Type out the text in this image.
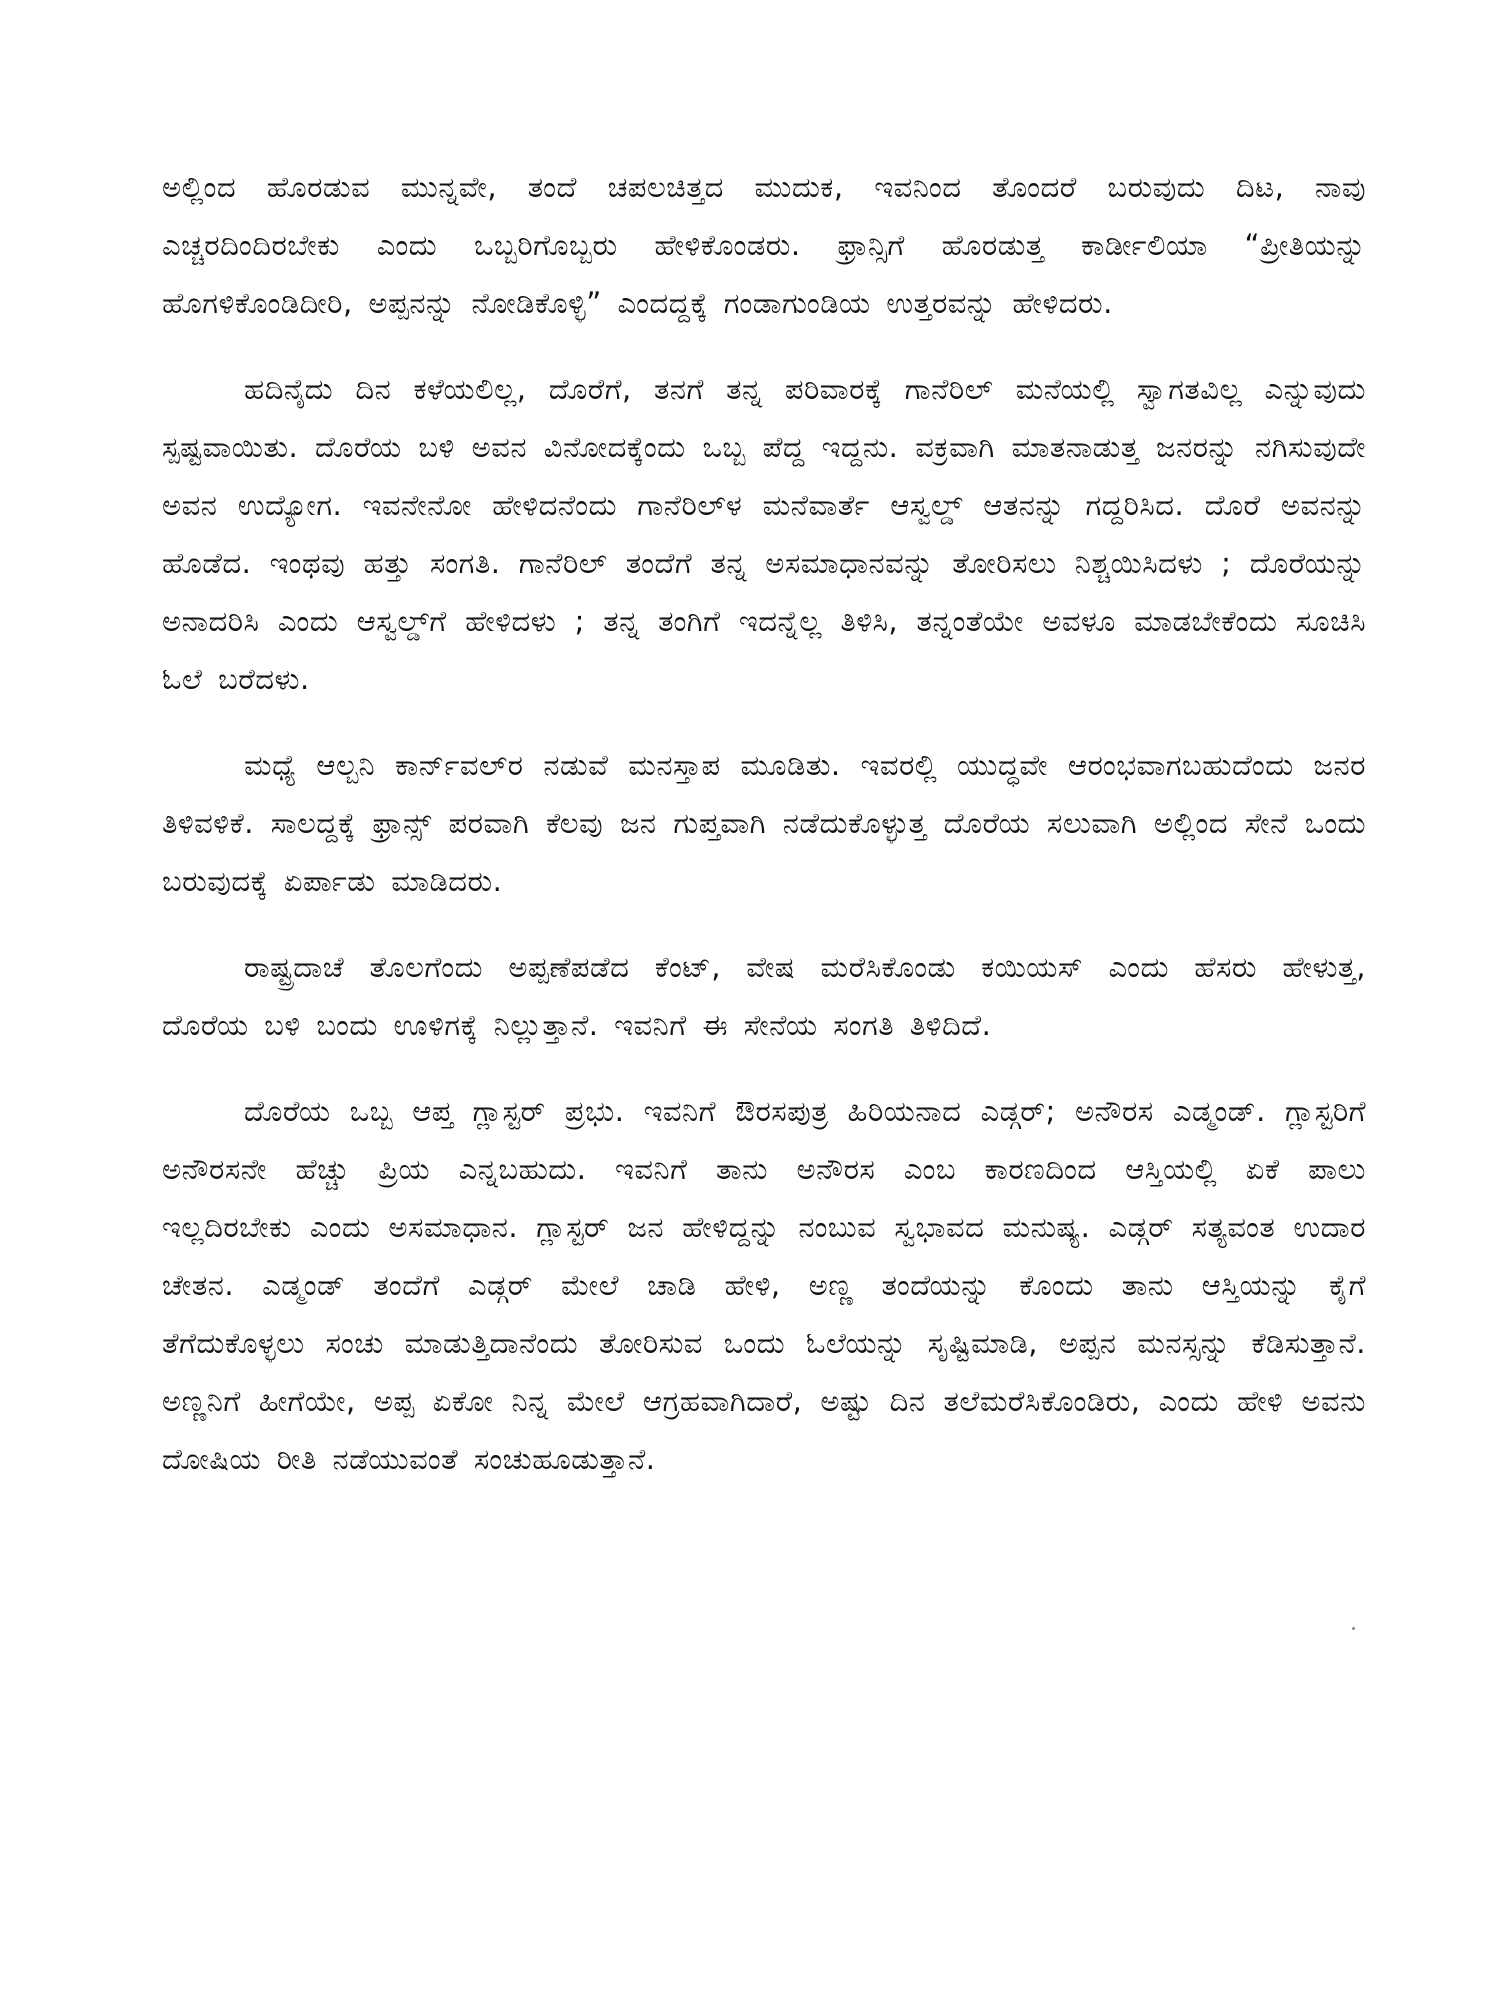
ಅಲ್ಲಿಂದ ಹೊರಡುವ ಮುನ್ನವೇ, ತಂದೆ ಚಪಲಚಿತ್ತದ ಮುದುಕ, ಇವನಿಂದ ತೊಂದರೆ ಬರುವುದು ದಿಟ, ನಾವು ಎಚ್ಚರದಿಂದಿರಬೇಕು ಎಂದು ಒಬ್ಬರಿಗೊಬ್ಬರು ಹೇಳಿಕೊಂಡರು. ಫ್ರಾನ್ಸಿಗೆ ಹೊರಡುತ್ತ ಕಾರ್ಡೀಲಿಯಾ “ಪ್ರೀತಿಯನ್ನು ಹೊಗಳಿಕೊಂಡಿದೀರಿ, ಅಪ್ಪನನ್ನು ನೋಡಿಕೊಳ್ಳಿ” ಎಂದದ್ದಕ್ಕೆ ಗಂಡಾಗುಂಡಿಯ ಉತ್ತರವನ್ನು ಹೇಳಿದರು.

ಹದಿನೈದು ದಿನ ಕಳೆಯಲಿಲ್ಲ, ದೊರೆಗೆ, ತನಗೆ ತನ್ನ ಪರಿವಾರಕ್ಕೆ ಗಾನೆರಿಲ್ ಮನೆಯಲ್ಲಿ ಸ್ವಾಗತವಿಲ್ಲ ಎನ್ನುವುದು ಸ್ಪಷ್ಟವಾಯಿತು. ದೊರೆಯ ಬಳಿ ಅವನ ವಿನೋದಕ್ಕೆಂದು ಒಬ್ಬ ಪೆದ್ದ ಇದ್ದನು. ವಕ್ರವಾಗಿ ಮಾತನಾಡುತ್ತ ಜನರನ್ನು ನಗಿಸುವುದೇ ಅವನ ಉದ್ಯೋಗ. ಇವನೇನೋ ಹೇಳಿದನೆಂದು ಗಾನೆರಿಲ್‌ಳ ಮನೆವಾರ್ತೆ ಆಸ್ವಲ್ಡ್ ಆತನನ್ನು ಗದ್ದರಿಸಿದ. ದೊರೆ ಅವನನ್ನು ಹೊಡೆದ. ಇಂಥವು ಹತ್ತು ಸಂಗತಿ. ಗಾನೆರಿಲ್ ತಂದೆಗೆ ತನ್ನ ಅಸಮಾಧಾನವನ್ನು ತೋರಿಸಲು ನಿಶ್ಚಯಿಸಿದಳು ; ದೊರೆಯನ್ನು ಅನಾದರಿಸಿ ಎಂದು ಆಸ್ವಲ್ಡ್‌ಗೆ ಹೇಳಿದಳು ; ತನ್ನ ತಂಗಿಗೆ ಇದನ್ನೆಲ್ಲ ತಿಳಿಸಿ, ತನ್ನಂತೆಯೇ ಅವಳೂ ಮಾಡಬೇಕೆಂದು ಸೂಚಿಸಿ ಓಲೆ ಬರೆದಳು.

ಮಧ್ಯೆ ಆಲ್ಬನಿ ಕಾರ್ನ್‌ವಲ್‌ರ ನಡುವೆ ಮನಸ್ತಾಪ ಮೂಡಿತು. ಇವರಲ್ಲಿ ಯುದ್ಧವೇ ಆರಂಭವಾಗಬಹುದೆಂದು ಜನರ ತಿಳಿವಳಿಕೆ. ಸಾಲದ್ದಕ್ಕೆ ಫ್ರಾನ್ಸ್ ಪರವಾಗಿ ಕೆಲವು ಜನ ಗುಪ್ತವಾಗಿ ನಡೆದುಕೊಳ್ಳುತ್ತ ದೊರೆಯ ಸಲುವಾಗಿ ಅಲ್ಲಿಂದ ಸೇನೆ ಒಂದು ಬರುವುದಕ್ಕೆ ಏರ್ಪಾಡು ಮಾಡಿದರು.

ರಾಷ್ಟ್ರದಾಚೆ ತೊಲಗೆಂದು ಅಪ್ಪಣೆಪಡೆದ ಕೆಂಟ್, ವೇಷ ಮರೆಸಿಕೊಂಡು ಕಯಿಯಸ್ ಎಂದು ಹೆಸರು ಹೇಳುತ್ತ, ದೊರೆಯ ಬಳಿ ಬಂದು ಊಳಿಗಕ್ಕೆ ನಿಲ್ಲುತ್ತಾನೆ. ಇವನಿಗೆ ಈ ಸೇನೆಯ ಸಂಗತಿ ತಿಳಿದಿದೆ.

ದೊರೆಯ ಒಬ್ಬ ಆಪ್ತ ಗ್ಲಾಸ್ಟರ್ ಪ್ರಭು. ಇವನಿಗೆ ಔರಸಪುತ್ರ ಹಿರಿಯನಾದ ಎಡ್ಗರ್; ಅನೌರಸ ಎಡ್ಮಂಡ್. ಗ್ಲಾಸ್ಟರಿಗೆ ಅನೌರಸನೇ ಹೆಚ್ಚು ಪ್ರಿಯ ಎನ್ನಬಹುದು. ಇವನಿಗೆ ತಾನು ಅನೌರಸ ಎಂಬ ಕಾರಣದಿಂದ ಆಸ್ತಿಯಲ್ಲಿ ಏಕೆ ಪಾಲು ಇಲ್ಲದಿರಬೇಕು ಎಂದು ಅಸಮಾಧಾನ. ಗ್ಲಾಸ್ಟರ್ ಜನ ಹೇಳಿದ್ದನ್ನು ನಂಬುವ ಸ್ವಭಾವದ ಮನುಷ್ಯ. ಎಡ್ಗರ್ ಸತ್ಯವಂತ ಉದಾರ ಚೇತನ. ಎಡ್ಮಂಡ್ ತಂದೆಗೆ ಎಡ್ಗರ್ ಮೇಲೆ ಚಾಡಿ ಹೇಳಿ, ಅಣ್ಣ ತಂದೆಯನ್ನು ಕೊಂದು ತಾನು ಆಸ್ತಿಯನ್ನು ಕೈಗೆ ತೆಗೆದುಕೊಳ್ಳಲು ಸಂಚು ಮಾಡುತ್ತಿದಾನೆಂದು ತೋರಿಸುವ ಒಂದು ಓಲೆಯನ್ನು ಸೃಷ್ಟಿಮಾಡಿ, ಅಪ್ಪನ ಮನಸ್ಸನ್ನು ಕೆಡಿಸುತ್ತಾನೆ. ಅಣ್ಣನಿಗೆ ಹೀಗೆಯೇ, ಅಪ್ಪ ಏಕೋ ನಿನ್ನ ಮೇಲೆ ಆಗ್ರಹವಾಗಿದಾರೆ, ಅಷ್ಟು ದಿನ ತಲೆಮರೆಸಿಕೊಂಡಿರು, ಎಂದು ಹೇಳಿ ಅವನು ದೋಷಿಯ ರೀತಿ ನಡೆಯುವಂತೆ ಸಂಚುಹೂಡುತ್ತಾನೆ.
